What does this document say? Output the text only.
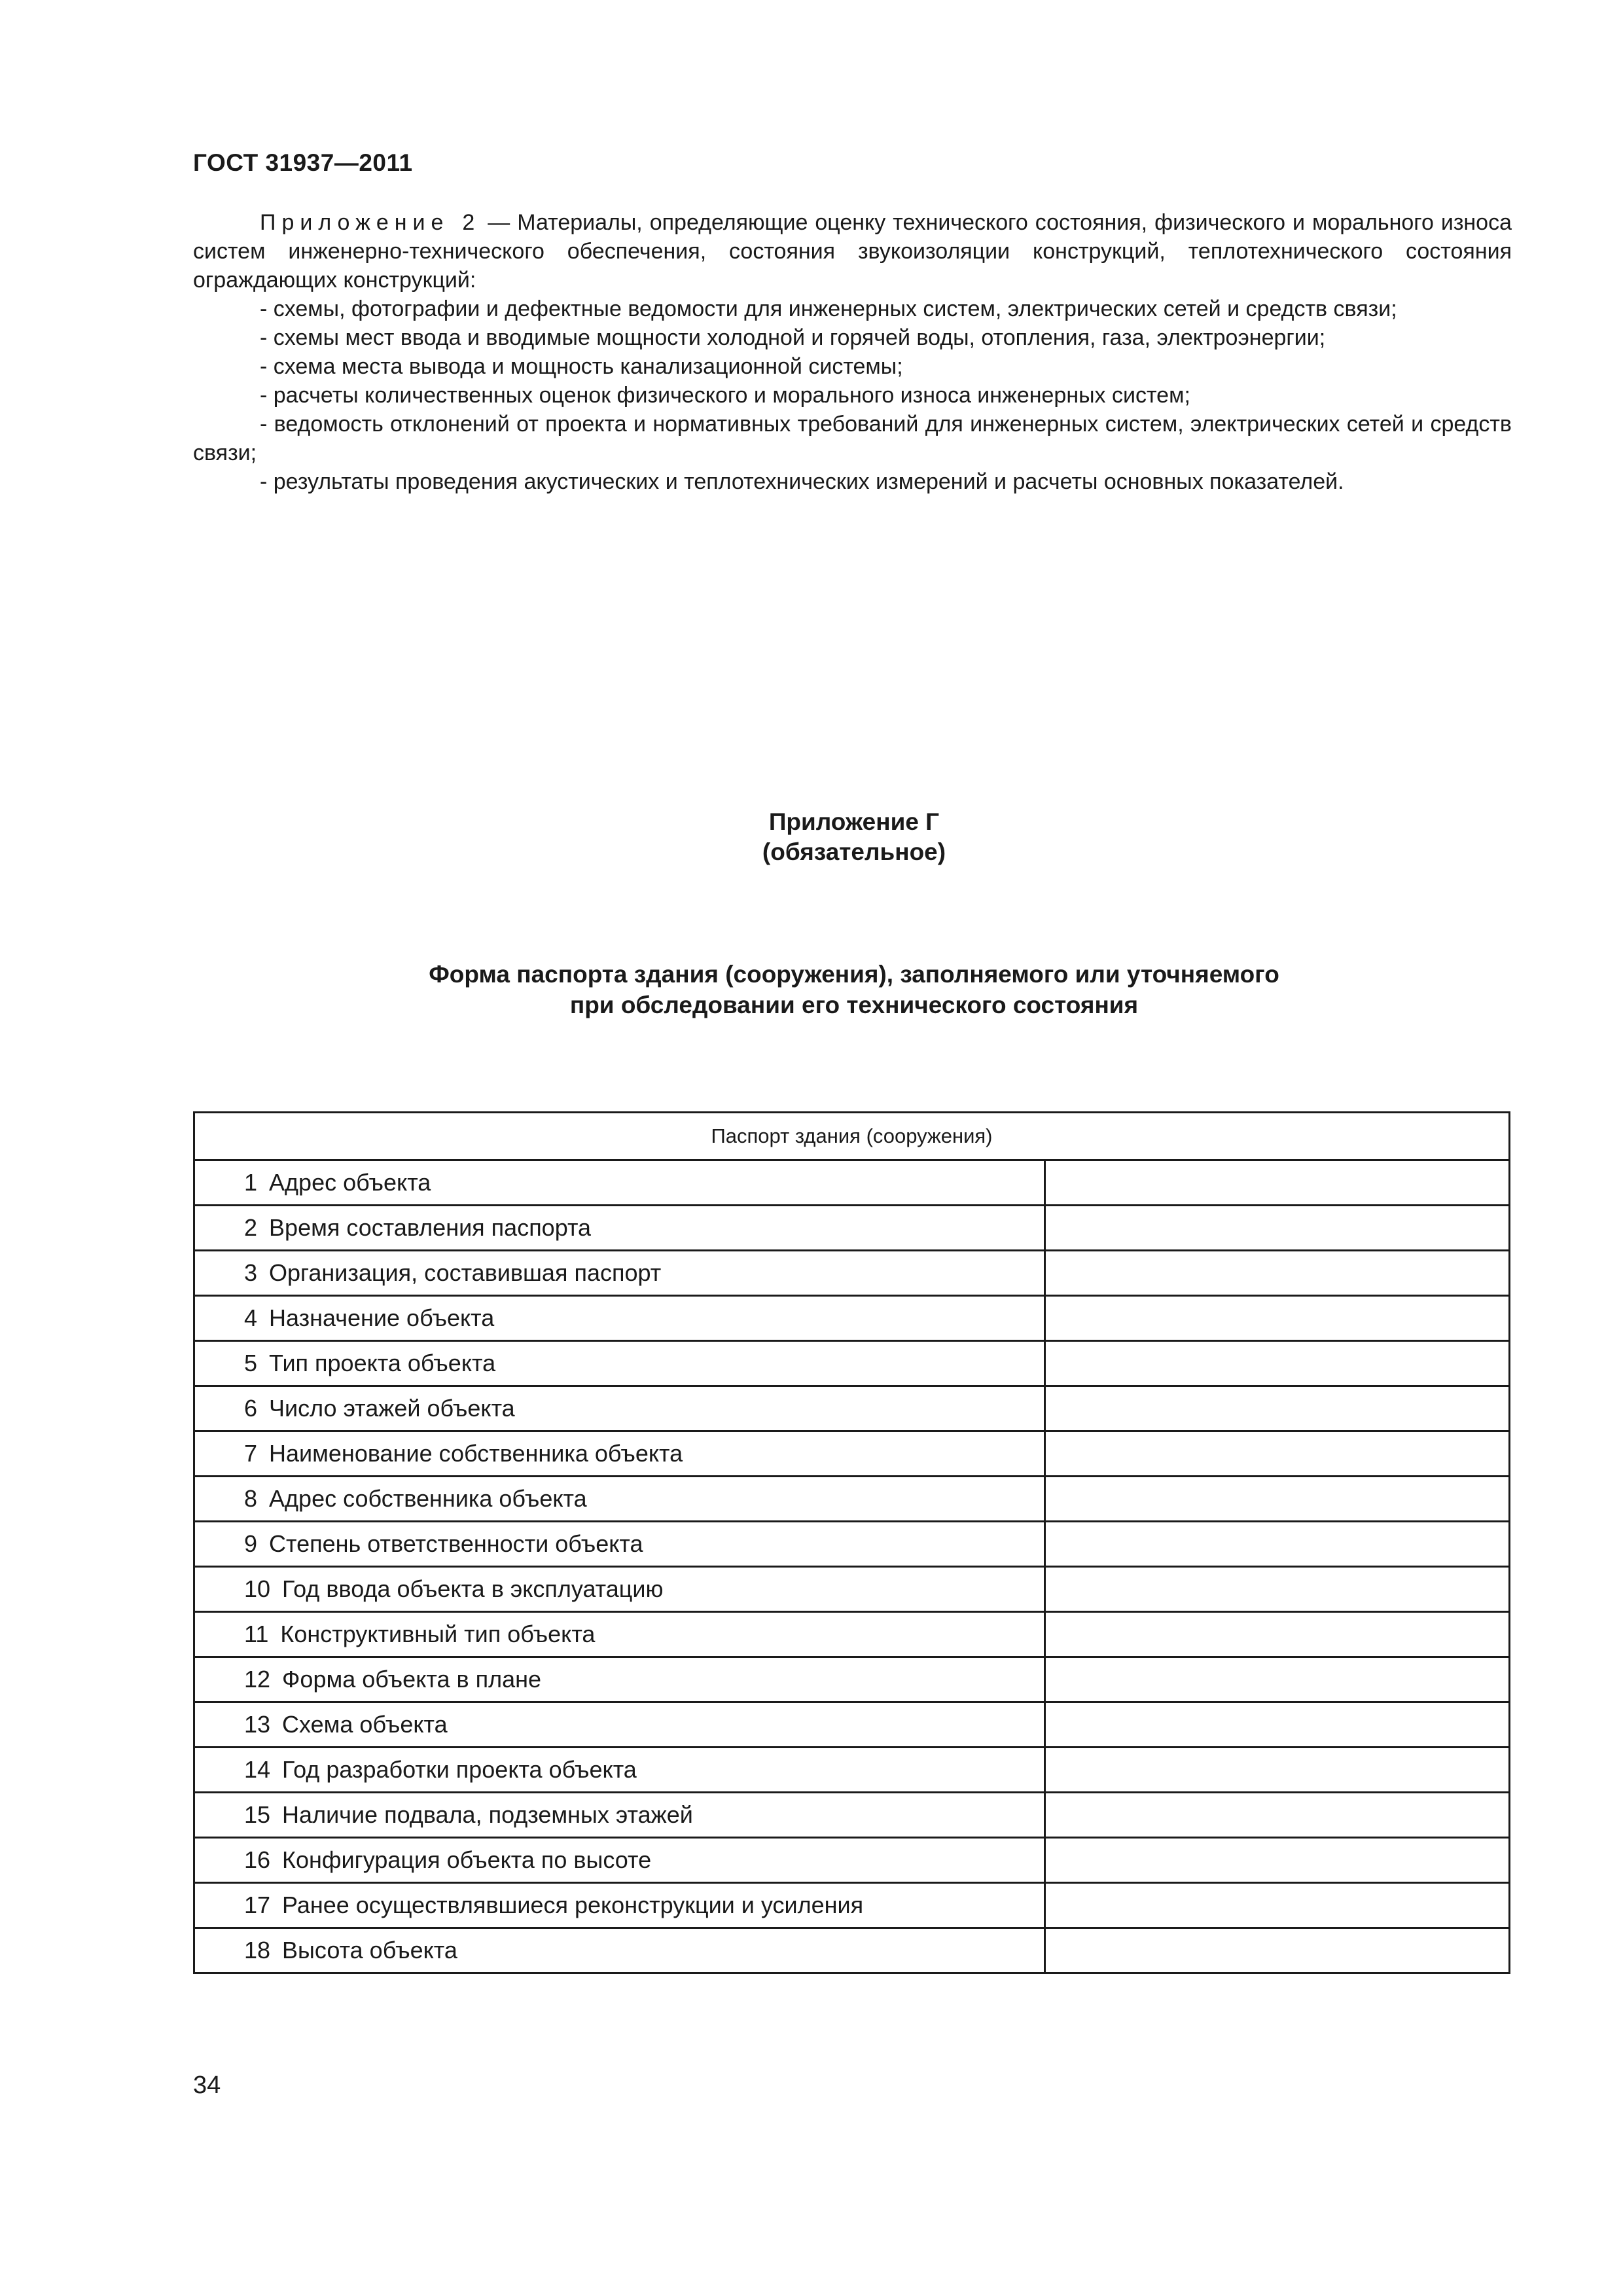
ГОСТ 31937—2011

Приложение 2 — Материалы, определяющие оценку технического состояния, физического и морального износа систем инженерно-технического обеспечения, состояния звукоизоляции конструкций, теплотехнического состояния ограждающих конструкций:

- схемы, фотографии и дефектные ведомости для инженерных систем, электрических сетей и средств связи;

- схемы мест ввода и вводимые мощности холодной и горячей воды, отопления, газа, электроэнергии;

- схема места вывода и мощность канализационной системы;

- расчеты количественных оценок физического и морального износа инженерных систем;

- ведомость отклонений от проекта и нормативных требований для инженерных систем, электрических сетей и средств связи;

- результаты проведения акустических и теплотехнических измерений и расчеты основных показателей.

Приложение Г
(обязательное)
Форма паспорта здания (сооружения), заполняемого или уточняемого
при обследовании его технического состояния
Паспорт здания (сооружения)	
1 Адрес объекта	
2 Время составления паспорта	
3 Организация, составившая паспорт	
4 Назначение объекта	
5 Тип проекта объекта	
6 Число этажей объекта	
7 Наименование собственника объекта	
8 Адрес собственника объекта	
9 Степень ответственности объекта	
10 Год ввода объекта в эксплуатацию	
11 Конструктивный тип объекта	
12 Форма объекта в плане	
13 Схема объекта	
14 Год разработки проекта объекта	
15 Наличие подвала, подземных этажей	
16 Конфигурация объекта по высоте	
17 Ранее осуществлявшиеся реконструкции и усиления	
18 Высота объекта	
34
